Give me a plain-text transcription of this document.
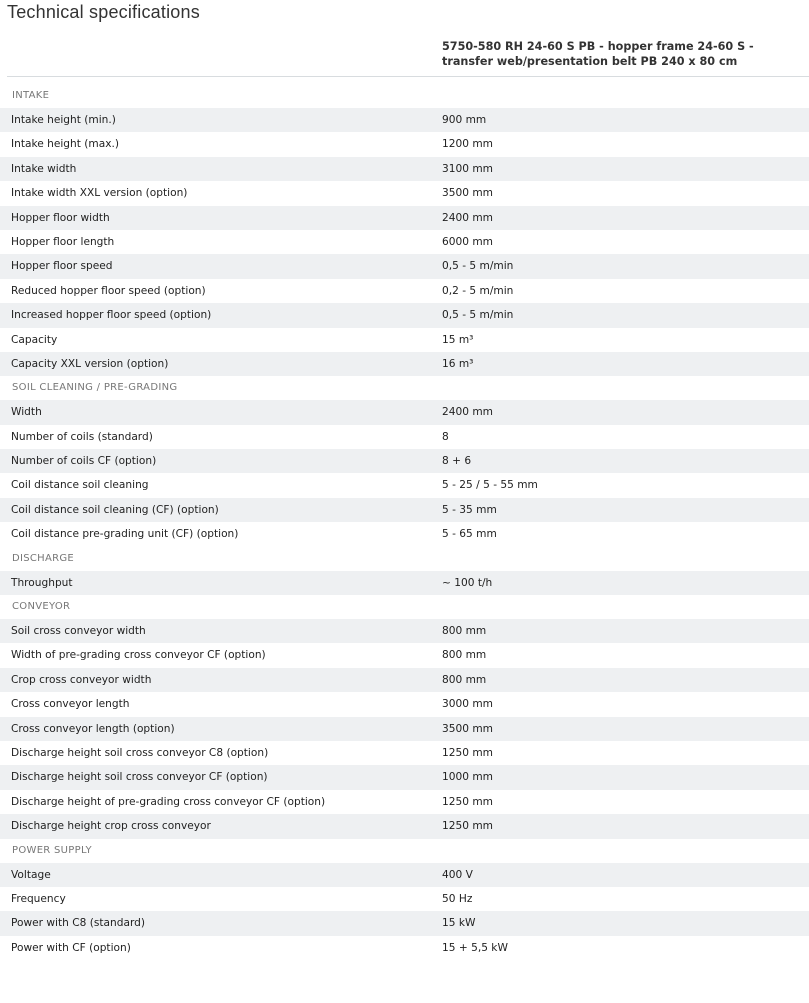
Technical specifications
5750-580 RH 24-60 S PB - hopper frame 24-60 S - transfer web/presentation belt PB 240 x 80 cm
INTAKE
Intake height (min.)	900 mm
Intake height (max.)	1200 mm
Intake width	3100 mm
Intake width XXL version (option)	3500 mm
Hopper floor width	2400 mm
Hopper floor length	6000 mm
Hopper floor speed	0,5 - 5 m/min
Reduced hopper floor speed (option)	0,2 - 5 m/min
Increased hopper floor speed (option)	0,5 - 5 m/min
Capacity	15 m³
Capacity XXL version (option)	16 m³
SOIL CLEANING / PRE-GRADING
Width	2400 mm
Number of coils (standard)	8
Number of coils CF (option)	8 + 6
Coil distance soil cleaning	5 - 25 / 5 - 55 mm
Coil distance soil cleaning (CF) (option)	5 - 35 mm
Coil distance pre-grading unit (CF) (option)	5 - 65 mm
DISCHARGE
Throughput	~ 100 t/h
CONVEYOR
Soil cross conveyor width	800 mm
Width of pre-grading cross conveyor CF (option)	800 mm
Crop cross conveyor width	800 mm
Cross conveyor length	3000 mm
Cross conveyor length (option)	3500 mm
Discharge height soil cross conveyor C8 (option)	1250 mm
Discharge height soil cross conveyor CF (option)	1000 mm
Discharge height of pre-grading cross conveyor CF (option)	1250 mm
Discharge height crop cross conveyor	1250 mm
POWER SUPPLY
Voltage	400 V
Frequency	50 Hz
Power with C8 (standard)	15 kW
Power with CF (option)	15 + 5,5 kW
